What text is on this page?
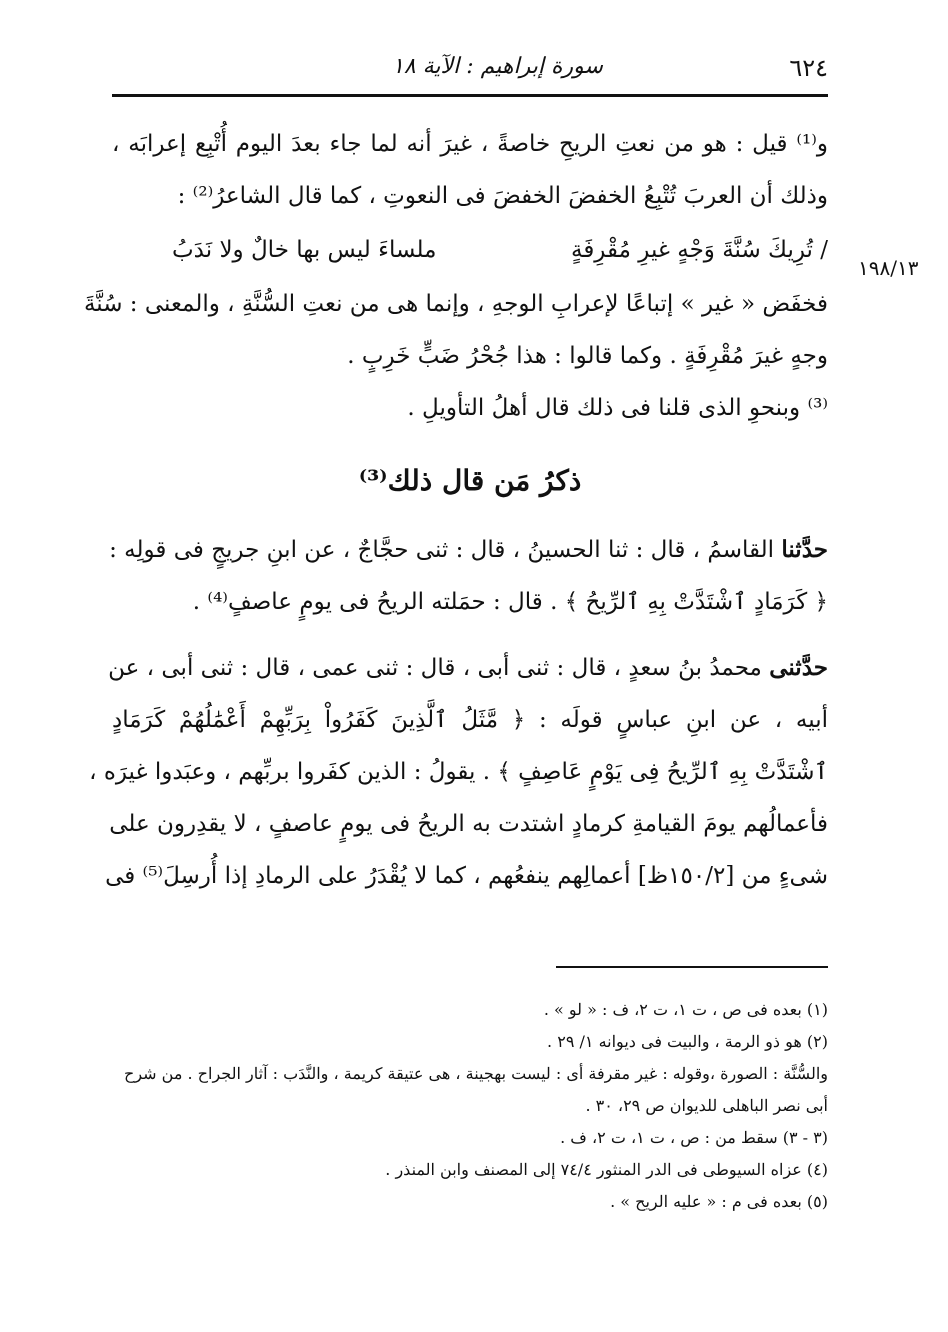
٦٢٤
سورة إبراهيم : الآية ١٨
١٩٨/١٣
و⁽¹⁾ قيل : هو من نعتِ الريحِ خاصةً ، غيرَ أنه لما جاء بعدَ اليوم أُتْبِع إعرابَه ،
وذلك أن العربَ تُتْبِعُ الخفضَ الخفضَ فى النعوتِ ، كما قال الشاعرُ⁽²⁾ :
/ تُرِيكَ سُنَّةَ وَجْهٍ غيرِ مُقْرِفَةٍ
ملساءَ ليس بها خالٌ ولا نَدَبُ
فخفَض « غير » إتباعًا لإعرابِ الوجهِ ، وإنما هى من نعتِ السُّنَّةِ ، والمعنى : سُنَّةَ
وجهٍ غيرَ مُقْرِفَةٍ . وكما قالوا : هذا جُحْرُ ضَبٍّ خَرِبٍ .
⁽³⁾ وبنحوِ الذى قلنا فى ذلك قال أهلُ التأويلِ .
ذكرُ مَن قال ذلك⁽³⁾
حدَّثنا القاسمُ ، قال : ثنا الحسينُ ، قال : ثنى حجَّاجٌ ، عن ابنِ جريجٍ فى قولِه :
﴿ كَرَمَادٍ ٱشْتَدَّتْ بِهِ ٱلرِّيحُ ﴾ . قال : حمَلته الريحُ فى يومٍ عاصفٍ⁽⁴⁾ .
حدَّثنى محمدُ بنُ سعدٍ ، قال : ثنى أبى ، قال : ثنى عمى ، قال : ثنى أبى ، عن
أبيه ، عن ابنِ عباسٍ قولَه : ﴿ مَّثَلُ ٱلَّذِينَ كَفَرُواْ بِرَبِّهِمْ أَعْمَٰلُهُمْ كَرَمَادٍ
ٱشْتَدَّتْ بِهِ ٱلرِّيحُ فِى يَوْمٍ عَاصِفٍ ﴾ . يقولُ : الذين كفَروا بربِّهم ، وعبَدوا غيرَه ،
فأعمالُهم يومَ القيامةِ كرمادٍ اشتدت به الريحُ فى يومٍ عاصفٍ ، لا يقدِرون على
شىءٍ من [١٥٠/٢ظ] أعمالِهم ينفعُهم ، كما لا يُقْدَرُ على الرمادِ إذا أُرسِلَ⁽⁵⁾ فى
(١) بعده فى ص ، ت ١، ت ٢، ف : « لو » .
(٢) هو ذو الرمة ، والبيت فى ديوانه ١/ ٢٩ .
والسُّنَّة : الصورة ،وقوله : غير مقرفة أى : ليست بهجينة ، هى عتيقة كريمة ، والنَّدَب : آثار الجراح . من شرح
أبى نصر الباهلى للديوان ص ٢٩، ٣٠ .
(٣ - ٣) سقط من : ص ، ت ١، ت ٢، ف .
(٤) عزاه السيوطى فى الدر المنثور ٧٤/٤ إلى المصنف وابن المنذر .
(٥) بعده فى م : « عليه الريح » .
